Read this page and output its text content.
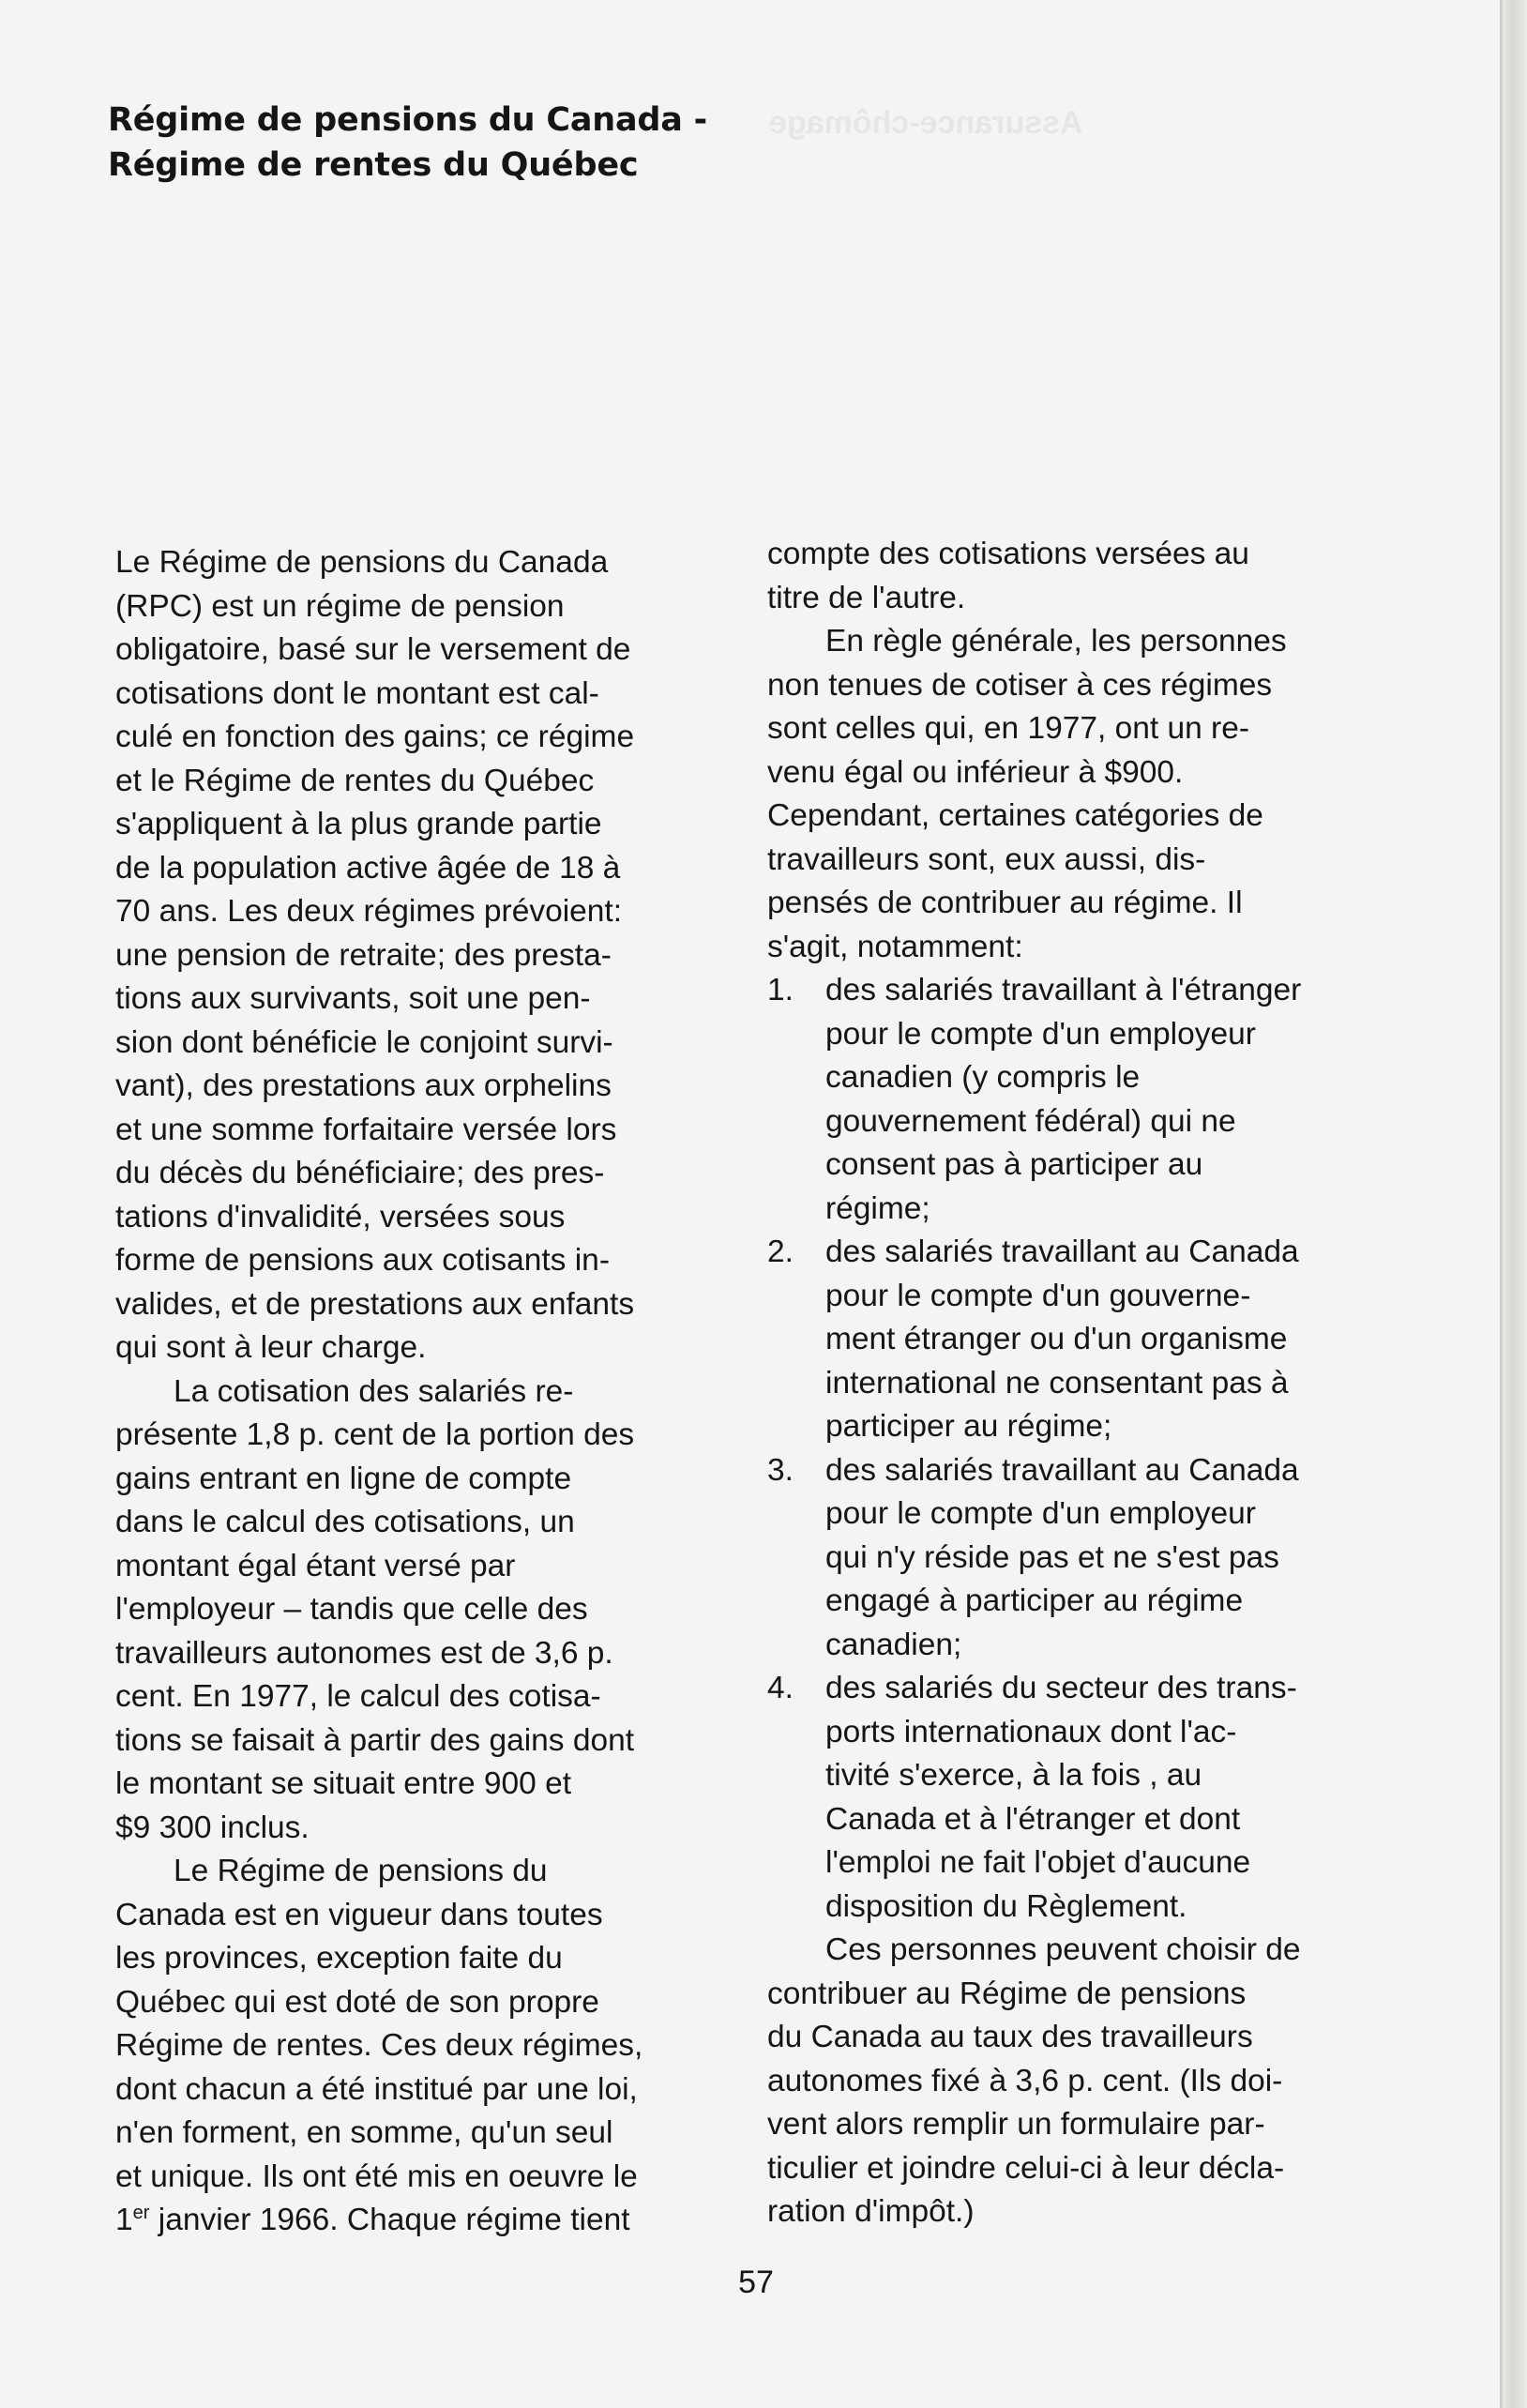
Assurance-chômage
Régime de pensions du Canada -
Régime de rentes du Québec
Le Régime de pensions du Canada
(RPC) est un régime de pension
obligatoire, basé sur le versement de
cotisations dont le montant est cal-
culé en fonction des gains; ce régime
et le Régime de rentes du Québec
s'appliquent à la plus grande partie
de la population active âgée de 18 à
70 ans. Les deux régimes prévoient:
une pension de retraite; des presta-
tions aux survivants, soit une pen-
sion dont bénéficie le conjoint survi-
vant), des prestations aux orphelins
et une somme forfaitaire versée lors
du décès du bénéficiaire; des pres-
tations d'invalidité, versées sous
forme de pensions aux cotisants in-
valides, et de prestations aux enfants
qui sont à leur charge.
La cotisation des salariés re-
présente 1,8 p. cent de la portion des
gains entrant en ligne de compte
dans le calcul des cotisations, un
montant égal étant versé par
l'employeur – tandis que celle des
travailleurs autonomes est de 3,6 p.
cent. En 1977, le calcul des cotisa-
tions se faisait à partir des gains dont
le montant se situait entre 900 et
$9 300 inclus.
Le Régime de pensions du
Canada est en vigueur dans toutes
les provinces, exception faite du
Québec qui est doté de son propre
Régime de rentes. Ces deux régimes,
dont chacun a été institué par une loi,
n'en forment, en somme, qu'un seul
et unique. Ils ont été mis en oeuvre le
1er janvier 1966. Chaque régime tient
compte des cotisations versées au
titre de l'autre.
En règle générale, les personnes
non tenues de cotiser à ces régimes
sont celles qui, en 1977, ont un re-
venu égal ou inférieur à $900.
Cependant, certaines catégories de
travailleurs sont, eux aussi, dis-
pensés de contribuer au régime. Il
s'agit, notamment:
1. des salariés travaillant à l'étranger
pour le compte d'un employeur
canadien (y compris le
gouvernement fédéral) qui ne
consent pas à participer au
régime;
2. des salariés travaillant au Canada
pour le compte d'un gouverne-
ment étranger ou d'un organisme
international ne consentant pas à
participer au régime;
3. des salariés travaillant au Canada
pour le compte d'un employeur
qui n'y réside pas et ne s'est pas
engagé à participer au régime
canadien;
4. des salariés du secteur des trans-
ports internationaux dont l'ac-
tivité s'exerce, à la fois , au
Canada et à l'étranger et dont
l'emploi ne fait l'objet d'aucune
disposition du Règlement.
Ces personnes peuvent choisir de
contribuer au Régime de pensions
du Canada au taux des travailleurs
autonomes fixé à 3,6 p. cent. (Ils doi-
vent alors remplir un formulaire par-
ticulier et joindre celui-ci à leur décla-
ration d'impôt.)
57
